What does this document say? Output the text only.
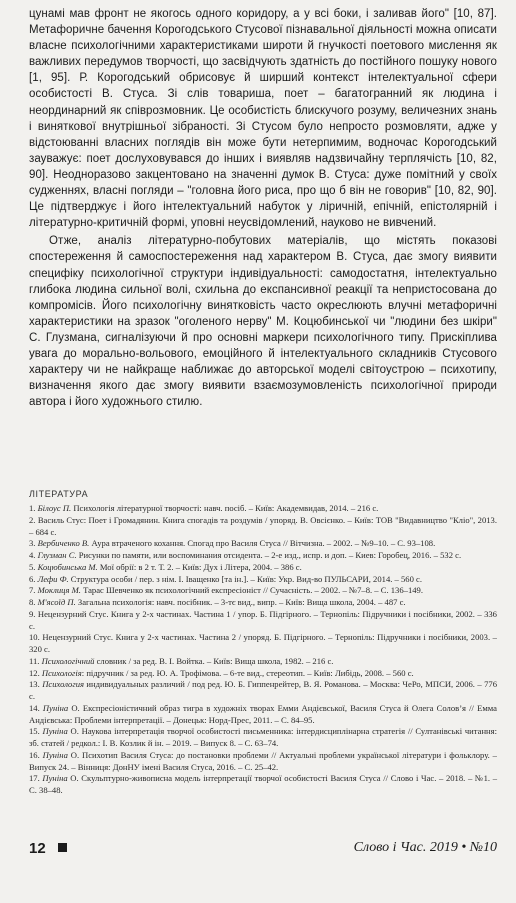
цунамі мав фронт не якогось одного коридору, а у всі боки, і заливав його" [10, 87]. Метафоричне бачення Корогодського Стусової пізнавальної діяльності можна описати власне психологічними характеристиками широти й гнучкості поетового мислення як важливих передумов творчості, що засвідчують здатність до постійного пошуку нового [1, 95]. Р. Корогодський обрисовує й ширший контекст інтелектуальної сфери особистості В. Стуса. Зі слів товариша, поет – багатогранний як людина і неординарний як співрозмовник. Це особистість блискучого розуму, величезних знань і виняткової внутрішньої зібраності. Зі Стусом було непросто розмовляти, адже у відстоюванні власних поглядів він може бути нетерпимим, водночас Корогодський зауважує: поет дослуховувався до інших і виявляв надзвичайну терплячість [10, 82, 90]. Неодноразово закцентовано на значенні думок В. Стуса: дуже помітний у своїх судженнях, власні погляди – "головна його риса, про що б він не говорив" [10, 82, 90]. Це підтверджує і його інтелектуальний набуток у ліричній, епічній, епістолярній і літературно-критичній формі, уповні неусвідомлений, науково не вивчений.

Отже, аналіз літературно-побутових матеріалів, що містять показові спостереження й самоспостереження над характером В. Стуса, дає змогу виявити специфіку психологічної структури індивідуальності: самодостатня, інтелектуально глибока людина сильної волі, схильна до експансивної реакції та непристосована до компромісів. Його психологічну винятковість часто окреслюють влучні метафоричні характеристики на зразок "оголеного нерву" М. Коцюбинської чи "людини без шкіри" С. Глузмана, сигналізуючи й про основні маркери психологічного типу. Прискіплива увага до морально-вольового, емоційного й інтелектуального складників Стусового характеру чи не найкраще наближає до авторської моделі світоустрою – психотипу, визначення якого дає змогу виявити взаємозумовленість психологічної природи автора і його художнього стилю.

ЛІТЕРАТУРА

1. Білоус П. Психологія літературної творчості: навч. посіб. – Київ: Академвидав, 2014. – 216 с.

2. Василь Стус: Поет і Громадянин. Книга спогадів та роздумів / упоряд. В. Овсієнко. – Київ: ТОВ "Видавництво "Кліо", 2013. – 684 с.

3. Вербиченко В. Аура втраченого кохання. Спогад про Василя Стуса // Вітчизна. – 2002. – №9–10. – С. 93–108.

4. Глузман С. Рисунки по памяти, или воспоминания отсидента. – 2-е изд., испр. и доп. – Киев: Горобец, 2016. – 532 с.

5. Коцюбинська М. Мої обрії: в 2 т. Т. 2. – Київ: Дух і Літера, 2004. – 386 с.

6. Лефи Ф. Структура особи / пер. з нім. І. Іващенко [та ін.]. – Київ: Укр. Вид-во ПУЛЬСАРИ, 2014. – 560 с.

7. Моклиця М. Тарас Шевченко як психологічний експресіоніст // Сучасність. – 2002. – №7–8. – С. 136–149.

8. М'ясоїд П. Загальна психологія: навч. посібник. – 3-тє вид., випр. – Київ: Вища школа, 2004. – 487 с.

9. Нецензурний Стус. Книга у 2-х частинах. Частина 1 / упор. Б. Підгірного. – Тернопіль: Підручники і посібники, 2002. – 336 с.

10. Нецензурний Стус. Книга у 2-х частинах. Частина 2 / упоряд. Б. Підгірного. – Тернопіль: Підручники і посібники, 2003. – 320 с.

11. Психологічний словник / за ред. В. І. Войтка. – Київ: Вища школа, 1982. – 216 с.

12. Психологія: підручник / за ред. Ю. А. Трофімова. – 6-те вид., стереотип. – Київ: Либідь, 2008. – 560 с.

13. Психология индивидуальных различий / под ред. Ю. Б. Гиппенрейтер, В. Я. Романова. – Москва: ЧеРо, МПСИ, 2006. – 776 с.

14. Пуніна О. Експресіоністичний образ тигра в художніх творах Емми Андієвської, Василя Стуса й Олега Соловʼя // Емма Андієвська: Проблеми інтерпретації. – Донецьк: Норд-Прес, 2011. – С. 84–95.

15. Пуніна О. Наукова інтерпретація творчої особистості письменника: інтердисциплінарна стратегія // Султанівські читання: зб. статей / редкол.: І. В. Козлик й ін. – 2019. – Випуск 8. – С. 63–74.

16. Пуніна О. Психотип Василя Стуса: до постановки проблеми // Актуальні проблеми української літератури і фольклору. – Випуск 24. – Вінниця: ДонНУ імені Василя Стуса, 2016. – С. 25–42.

17. Пуніна О. Скульптурно-живописна модель інтерпретації творчої особистості Василя Стуса // Слово і Час. – 2018. – №1. – С. 38–48.

12	Слово і Час. 2019 • №10
